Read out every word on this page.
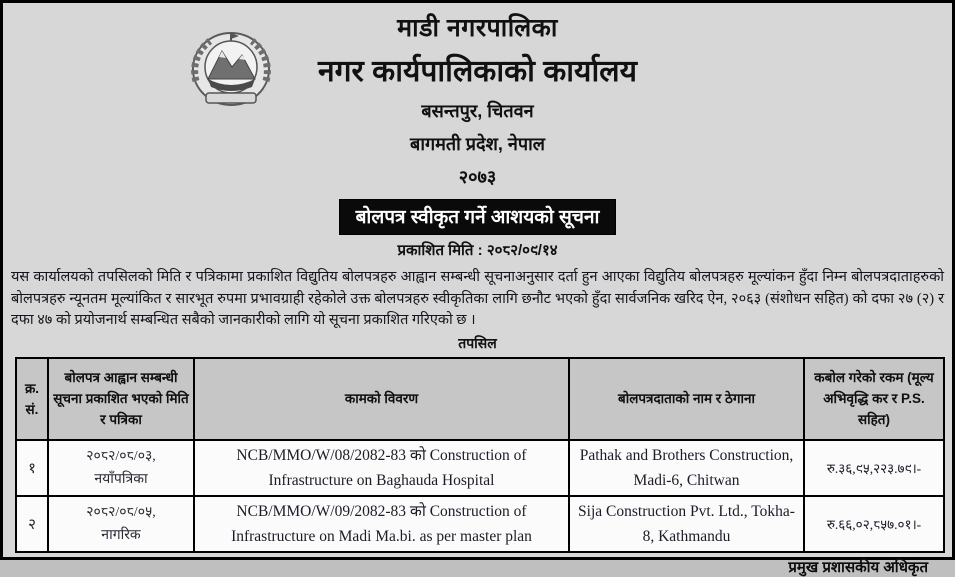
माडी नगरपालिका
नगर कार्यपालिकाको कार्यालय
बसन्तपुर, चितवन
बागमती प्रदेश, नेपाल
२०७३
बोलपत्र स्वीकृत गर्ने आशयको सूचना
प्रकाशित मिति : २०८२/०९/१४

यस कार्यालयको तपसिलको मिति र पत्रिकामा प्रकाशित विद्युतिय बोलपत्रहरु आह्वान सम्बन्धी सूचनाअनुसार दर्ता हुन आएका विद्युतिय बोलपत्रहरु मूल्यांकन हुँदा निम्न बोलपत्रदाताहरुको बोलपत्रहरु न्यूनतम मूल्यांकित र सारभूत रुपमा प्रभावग्राही रहेकोले उक्त बोलपत्रहरु स्वीकृतिका लागि छनौट भएको हुँदा सार्वजनिक खरिद ऐन, २०६३ (संशोधन सहित) को दफा २७ (२) र दफा ४७ को प्रयोजनार्थ सम्बन्धित सबैको जानकारीको लागि यो सूचना प्रकाशित गरिएको छ ।

तपसिल
क्र. सं.	बोलपत्र आह्वान सम्बन्धी सूचना प्रकाशित भएको मिति र पत्रिका	कामको विवरण	बोलपत्रदाताको नाम र ठेगाना	कबोल गरेको रकम (मूल्य अभिवृद्धि कर र P.S. सहित)
१	२०८२/०८/०३,
नयाँपत्रिका	NCB/MMO/W/08/2082-83 को Construction of Infrastructure on Baghauda Hospital	Pathak and Brothers Construction, Madi-6, Chitwan	रु.३६,९५,२२३.७९।-
२	२०८२/०८/०५,
नागरिक	NCB/MMO/W/09/2082-83 को Construction of Infrastructure on Madi Ma.bi. as per master plan	Sija Construction Pvt. Ltd., Tokha-8, Kathmandu	रु.६६,०२,८५७.०१।-
प्रमुख प्रशासकीय अधिकृत
